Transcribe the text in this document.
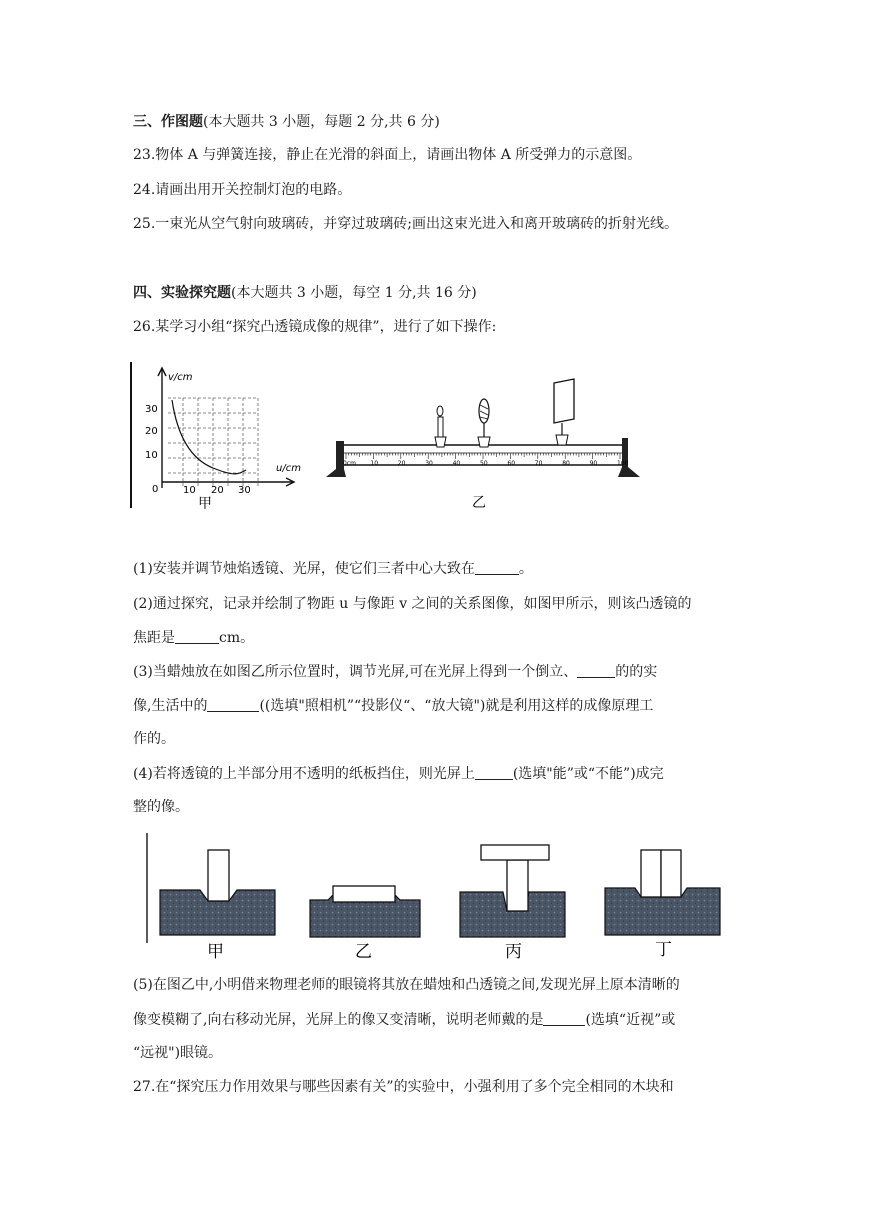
三、作图题(本大题共 3 小题，每题 2 分,共 6 分)
23.物体 A 与弹簧连接，静止在光滑的斜面上，请画出物体 A 所受弹力的示意图。
24.请画出用开关控制灯泡的电路。
25.一束光从空气射向玻璃砖，并穿过玻璃砖;画出这束光进入和离开玻璃砖的折射光线。
四、实验探究题(本大题共 3 小题，每空 1 分,共 16 分)
26.某学习小组“探究凸透镜成像的规律”，进行了如下操作:
v/cm
u/cm
0
30
20
10
10 20 30
甲
0cm 10	20	30	40	50	60	70	80	90	100
乙
(1)安装并调节烛焰透镜、光屏，使它们三者中心大致在	。
(2)通过探究，记录并绘制了物距 u 与像距 v 之间的关系图像，如图甲所示，则该凸透镜的
焦距是	cm。
(3)当蜡烛放在如图乙所示位置时，调节光屏,可在光屏上得到一个倒立、	的的实
像,生活中的	((选填"照相机”“投影仪“、“放大镜")就是利用这样的成像原理工
作的。
(4)若将透镜的上半部分用不透明的纸板挡住，则光屏上	(选填"能”或“不能”)成完
整的像。
甲	乙	丙	丁
(5)在图乙中,小明借来物理老师的眼镜将其放在蜡烛和凸透镜之间,发现光屏上原本清晰的
像变模糊了,向右移动光屏，光屏上的像又变清晰，说明老师戴的是	(选填“近视”或
“远视")眼镜。
27.在“探究压力作用效果与哪些因素有关”的实验中，小强利用了多个完全相同的木块和
